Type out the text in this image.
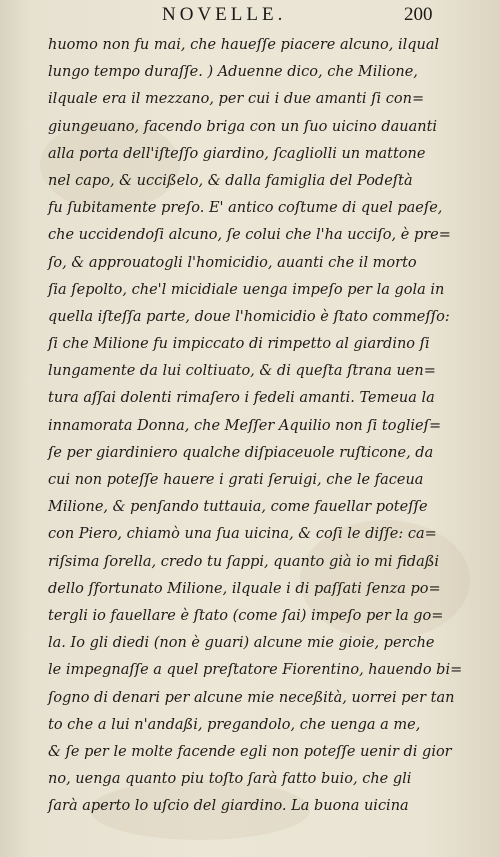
NOVELLE.	200
huomo non fu mai, che haueſſe piacere alcuno, ilqual
lungo tempo duraſſe. ) Aduenne dico, che Milione,
ilquale era il mezzano, per cui i due amanti ſi con=
giungeuano, facendo briga con un ſuo uicino dauanti
alla porta dell'iſteſſo giardino, ſcagliolli un mattone
nel capo, & uccißelo, & dalla famiglia del Podeſtà
fu ſubitamente preſo. E' antico coſtume di quel paeſe,
che uccidendoſi alcuno, ſe colui che l'ha ucciſo, è pre=
ſo, & approuatogli l'homicidio, auanti che il morto
ſia ſepolto, che'l micidiale uenga impeſo per la gola in
quella iſteſſa parte, doue l'homicidio è ſtato commeſſo:
ſi che Milione fu impiccato di rimpetto al giardino ſi
lungamente da lui coltiuato, & di queſta ſtrana uen=
tura aſſai dolenti rimaſero i fedeli amanti. Temeua la
innamorata Donna, che Meſſer Aquilio non ſi toglieſ=
ſe per giardiniero qualche diſpiaceuole ruſticone, da
cui non poteſſe hauere i grati ſeruigi, che le faceua
Milione, & penſando tuttauia, come fauellar poteſſe
con Piero, chiamò una ſua uicina, & coſi le diſſe: ca=
riſsima ſorella, credo tu ſappi, quanto già io mi fidaßi
dello ſfortunato Milione, ilquale i di paſſati ſenza po=
tergli io fauellare è ſtato (come ſai) impeſo per la go=
la. Io gli diedi (non è guari) alcune mie gioie, perche
le impegnaſſe a quel preſtatore Fiorentino, hauendo bi=
ſogno di denari per alcune mie neceßità, uorrei per tan
to che a lui n'andaßi, pregandolo, che uenga a me,
& ſe per le molte facende egli non poteſſe uenir di gior
no, uenga quanto piu toſto ſarà fatto buio, che gli
ſarà aperto lo uſcio del giardino. La buona uicina
